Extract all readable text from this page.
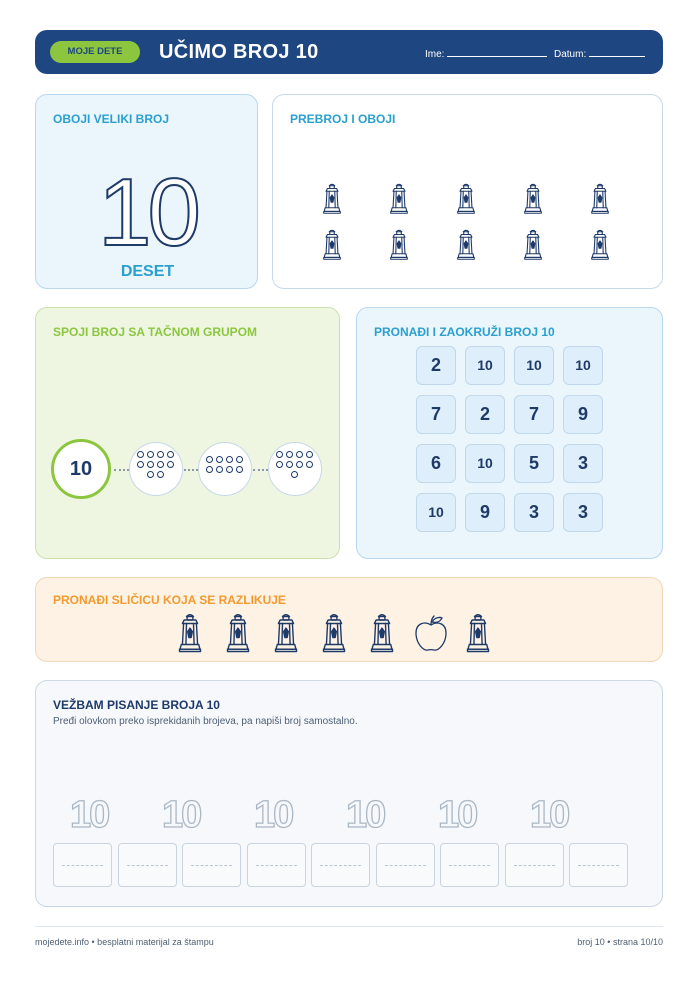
MOJE DETE	UČIMO BROJ 10	Ime:	Datum:
OBOJI VELIKI BROJ
10
DESET
PREBROJ I OBOJI
SPOJI BROJ SA TAČNOM GRUPOM
10
PRONAĐI I ZAOKRUŽI BROJ 10
2	10	10	10
7	2	7	9
6	10	5	3
10	9	3	3
PRONAĐI SLIČICU KOJA SE RAZLIKUJE
VEŽBAM PISANJE BROJA 10
Pređi olovkom preko isprekidanih brojeva, pa napiši broj samostalno.
10 10 10 10 10 10
mojedete.info • besplatni materijal za štampu	broj 10 • strana 10/10
